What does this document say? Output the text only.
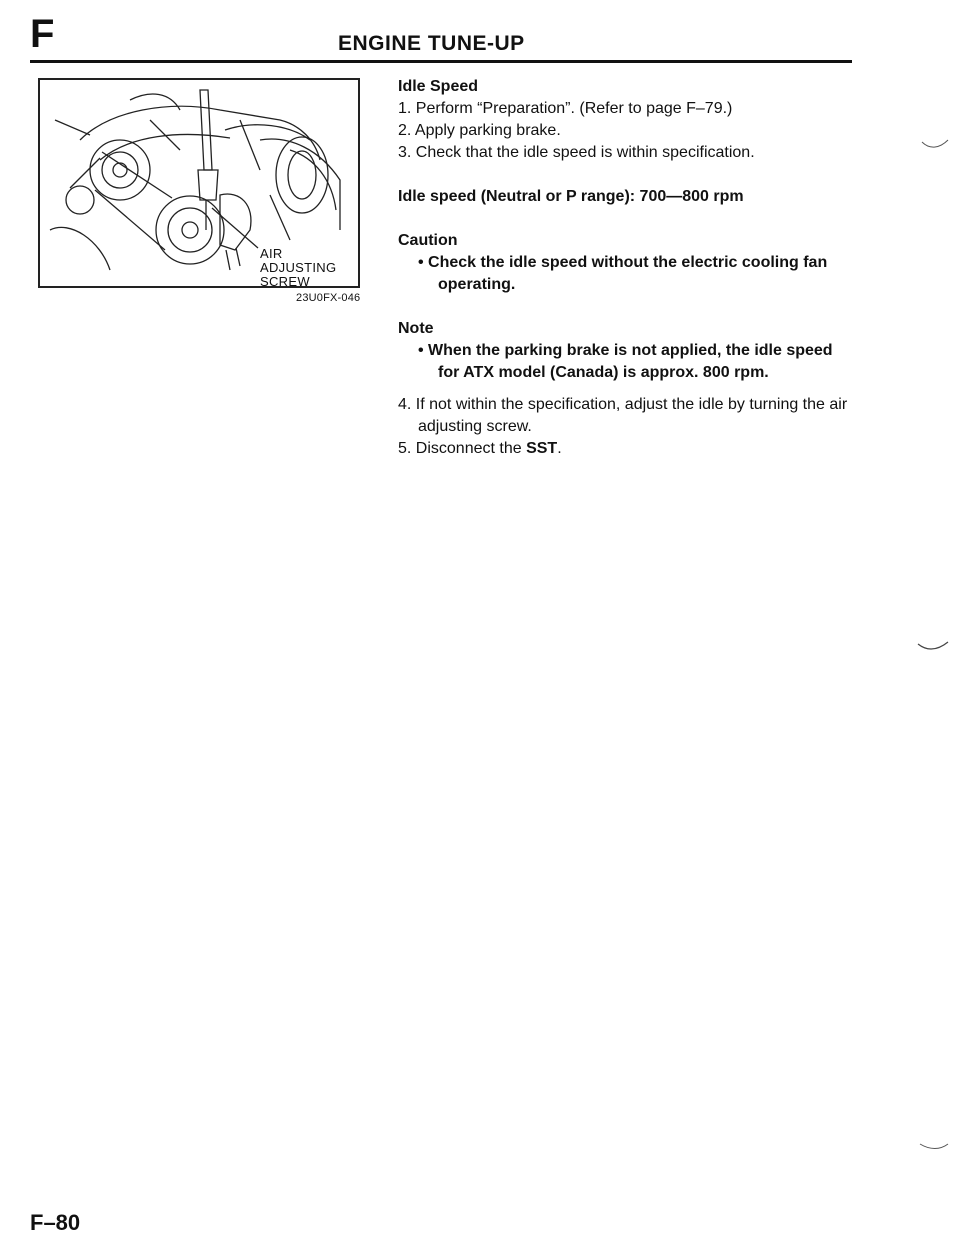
F	ENGINE TUNE-UP
AIR ADJUSTING
SCREW
23U0FX-046

Idle Speed

1. Perform “Preparation”. (Refer to page F–79.)

2. Apply parking brake.

3. Check that the idle speed is within specification.

Idle speed (Neutral or P range): 700—800 rpm

Caution

• Check the idle speed without the electric cooling fan operating.

Note

• When the parking brake is not applied, the idle speed for ATX model (Canada) is approx. 800 rpm.

4. If not within the specification, adjust the idle by turning the air adjusting screw.

5. Disconnect the SST.

F–80
